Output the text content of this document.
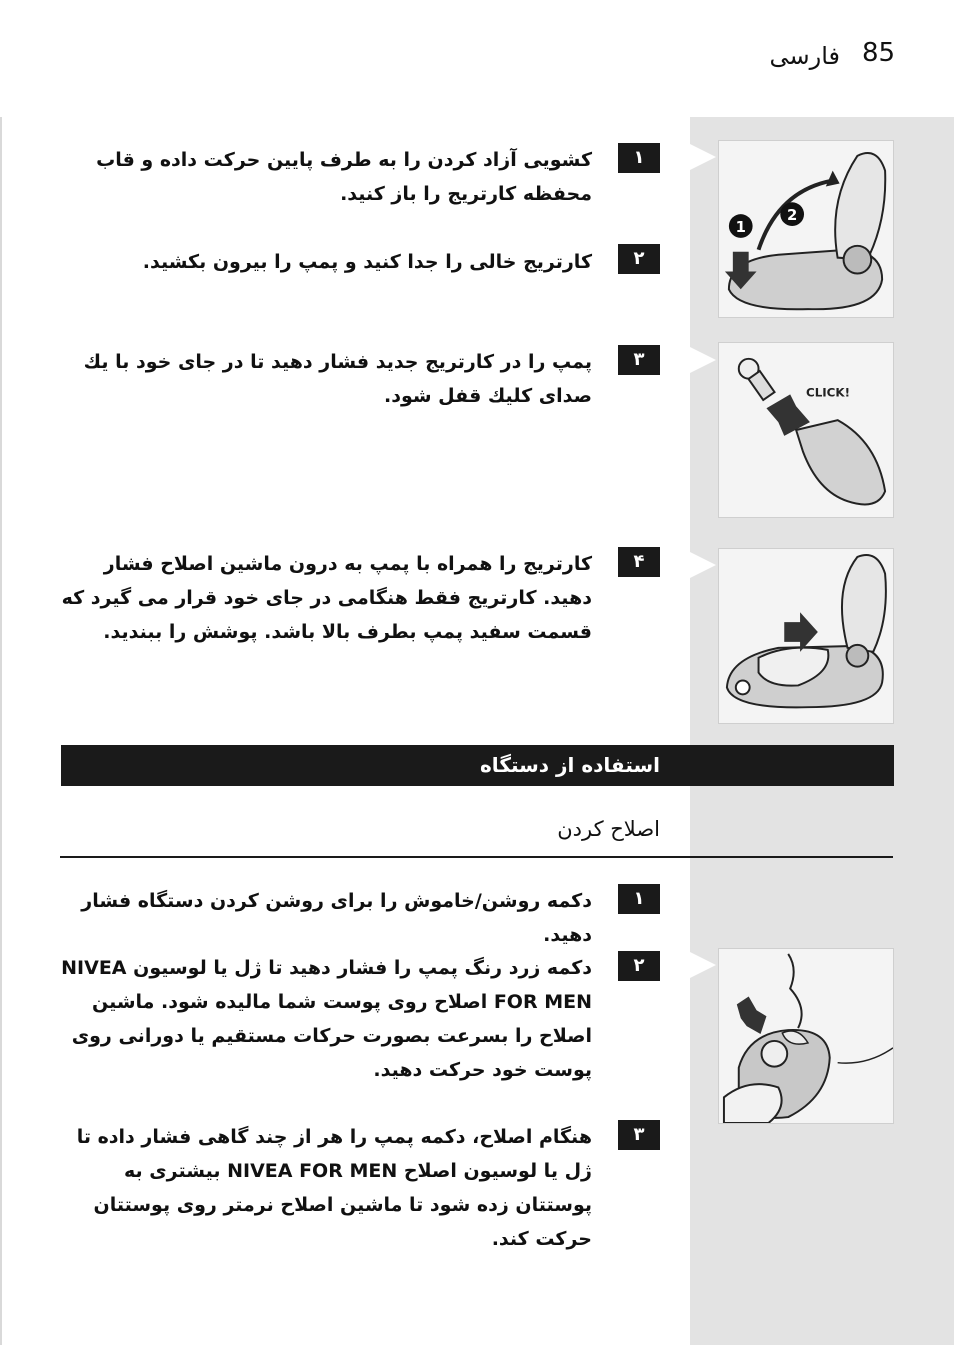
فارسی 85
۱
کشویی آزاد کردن را به طرف پایین حرکت داده و قاب محفظه کارتریج را باز کنید.
۲
کارتریج خالی را جدا کنید و پمپ را بیرون بکشید.
۳
پمپ را در کارتریج جدید فشار دهید تا در جای خود با یك صدای کلیك قفل شود.
۴
کارتریج را همراه با پمپ به درون ماشین اصلاح فشار دهید. کارتریج فقط هنگامی در جای خود قرار می گیرد که قسمت سفید پمپ بطرف بالا باشد. پوشش را ببندید.
1
2
CLICK!
استفاده از دستگاه
اصلاح کردن
۱
دکمه روشن/خاموش را برای روشن کردن دستگاه فشار دهید.
۲
دکمه زرد رنگ پمپ را فشار دهید تا ژل یا لوسیون NIVEA FOR MEN اصلاح روی پوست شما مالیده شود. ماشین اصلاح را بسرعت بصورت حرکات مستقیم یا دورانی روی پوست خود حرکت دهید.
۳
هنگام اصلاح، دکمه پمپ را هر از چند گاهی فشار داده تا ژل یا لوسیون اصلاح NIVEA FOR MEN بیشتری به پوستتان زده شود تا ماشین اصلاح نرمتر روی پوستتان حرکت کند.
